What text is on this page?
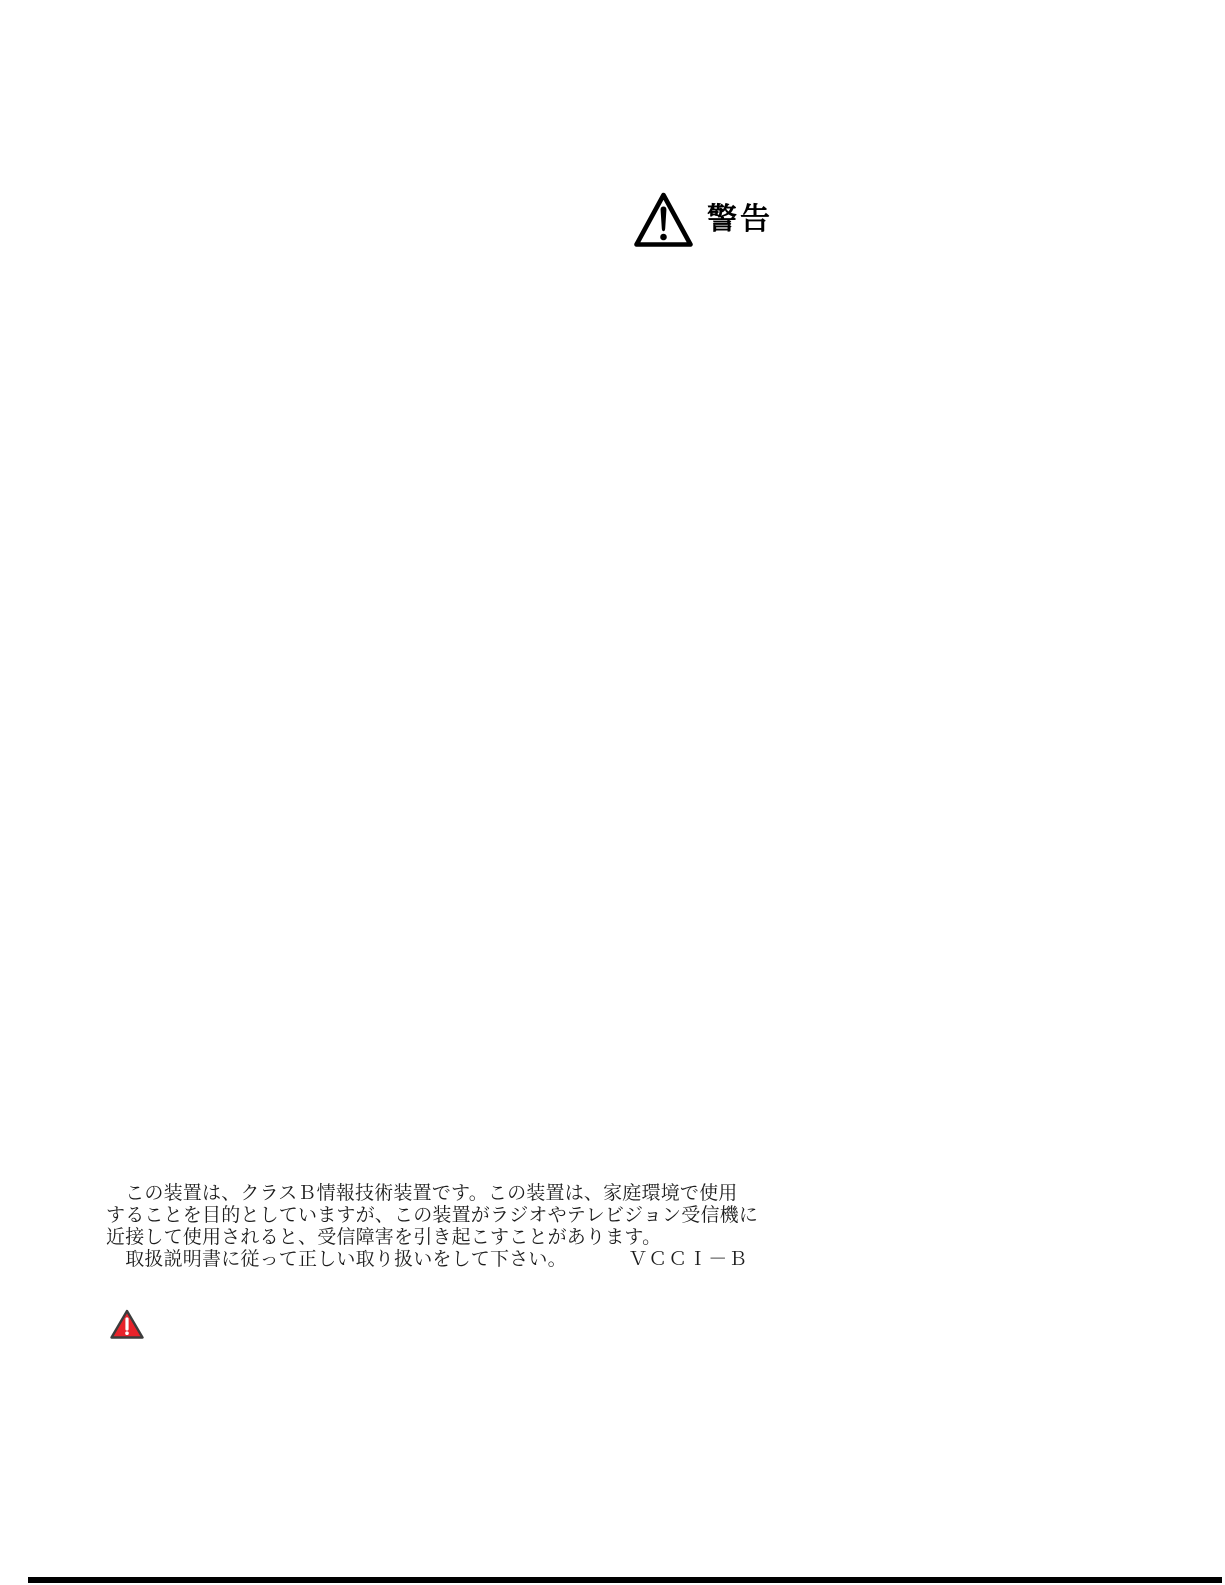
警告
　この装置は、クラスＢ情報技術装置です。この装置は、家庭環境で使用
することを目的としていますが、この装置がラジオやテレビジョン受信機に
近接して使用されると、受信障害を引き起こすことがあります。
　取扱説明書に従って正しい取り扱いをして下さい。	ＶＣＣＩ－Ｂ
